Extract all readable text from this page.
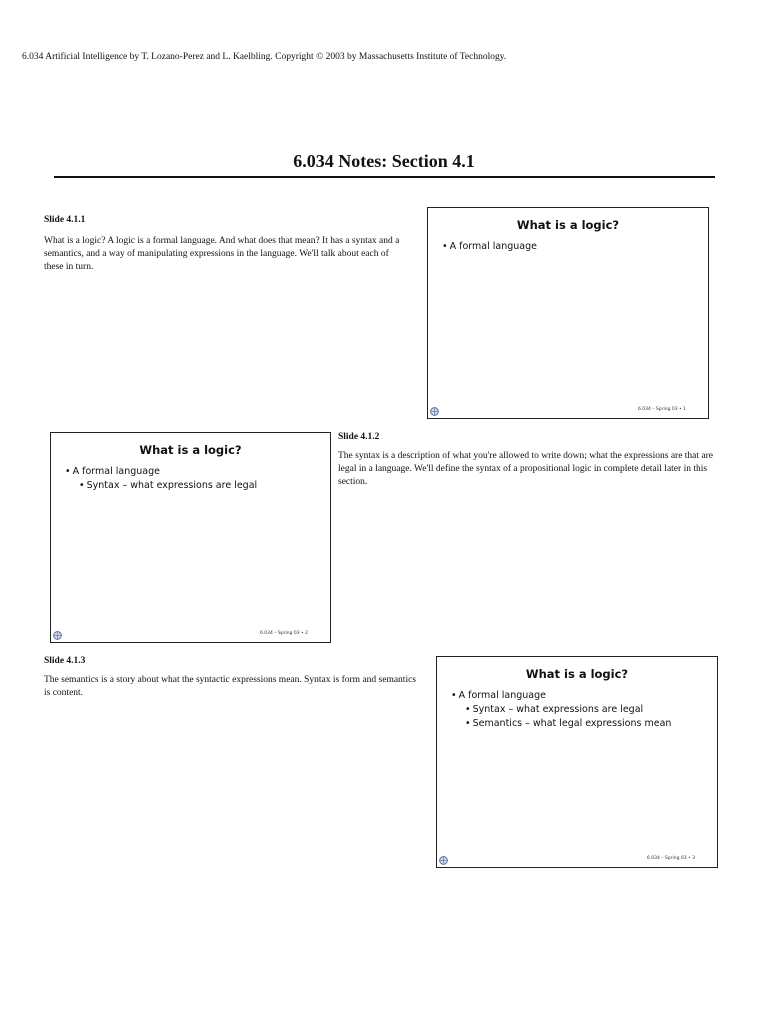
6.034 Artificial Intelligence by T. Lozano-Perez and L. Kaelbling. Copyright © 2003 by Massachusetts Institute of Technology.
6.034 Notes: Section 4.1
Slide 4.1.1

What is a logic? A logic is a formal language. And what does that mean? It has a syntax and a semantics, and a way of manipulating expressions in the language. We'll talk about each of these in turn.

What is a logic?
• A formal language
6.034 – Spring 03 • 1
What is a logic?
• A formal language
• Syntax – what expressions are legal
6.034 – Spring 03 • 2
Slide 4.1.2

The syntax is a description of what you're allowed to write down; what the expressions are that are legal in a language. We'll define the syntax of a propositional logic in complete detail later in this section.

Slide 4.1.3

The semantics is a story about what the syntactic expressions mean. Syntax is form and semantics is content.

What is a logic?
• A formal language
• Syntax – what expressions are legal
• Semantics – what legal expressions mean
6.034 – Spring 03 • 3
